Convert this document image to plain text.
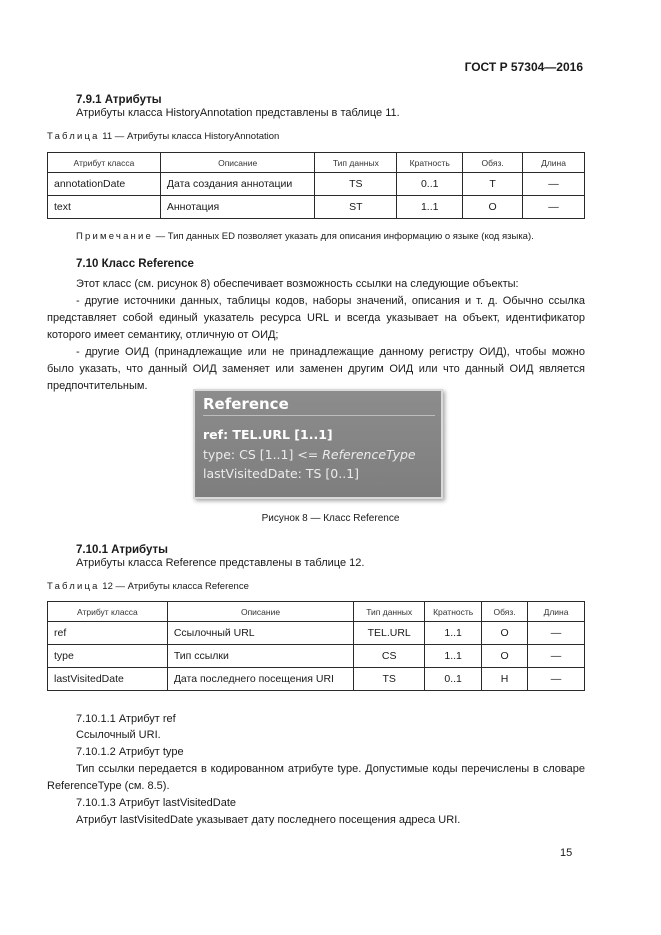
ГОСТ Р 57304—2016
7.9.1 Атрибуты
Атрибуты класса HistoryAnnotation представлены в таблице 11.
Таблица 11 — Атрибуты класса HistoryAnnotation
Атрибут класса	Описание	Тип данных	Кратность	Обяз.	Длина
annotationDate	Дата создания аннотации	TS	0..1	Т	—
text	Аннотация	ST	1..1	О	—
Примечание — Тип данных ED позволяет указать для описания информацию о языке (код языка).
7.10 Класс Reference
Этот класс (см. рисунок 8) обеспечивает возможность ссылки на следующие объекты:
- другие источники данных, таблицы кодов, наборы значений, описания и т. д. Обычно ссылка представляет собой единый указатель ресурса URL и всегда указывает на объект, идентификатор которого имеет семантику, отличную от ОИД;
- другие ОИД (принадлежащие или не принадлежащие данному регистру ОИД), чтобы можно было указать, что данный ОИД заменяет или заменен другим ОИД или что данный ОИД является предпочтительным.
Reference
ref: TEL.URL [1..1]
type: CS [1..1] <= ReferenceType
lastVisitedDate: TS [0..1]
Рисунок 8 — Класс Reference
7.10.1 Атрибуты
Атрибуты класса Reference представлены в таблице 12.
Таблица 12 — Атрибуты класса Reference
Атрибут класса	Описание	Тип данных	Кратность	Обяз.	Длина
ref	Ссылочный URL	TEL.URL	1..1	О	—
type	Тип ссылки	CS	1..1	О	—
lastVisitedDate	Дата последнего посещения URI	TS	0..1	Н	—
7.10.1.1 Атрибут ref
Ссылочный URI.
7.10.1.2 Атрибут type
Тип ссылки передается в кодированном атрибуте type. Допустимые коды перечислены в словаре ReferenceType (см. 8.5).
7.10.1.3 Атрибут lastVisitedDate
Атрибут lastVisitedDate указывает дату последнего посещения адреса URI.
15
